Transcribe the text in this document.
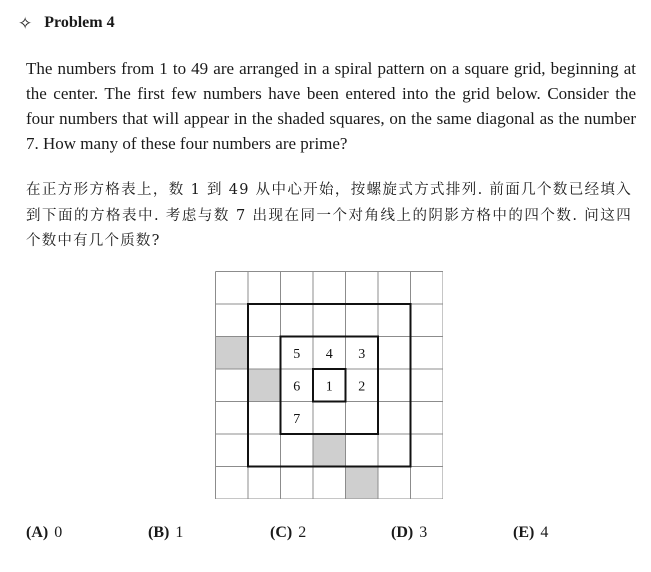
✧ Problem 4

The numbers from 1 to 49 are arranged in a spiral pattern on a square grid, beginning at the center. The first few numbers have been entered into the grid below. Consider the four numbers that will appear in the shaded squares, on the same diagonal as the number 7. How many of these four numbers are prime?

在正方形方格表上，数 1 到 49 从中心开始，按螺旋式方式排列. 前面几个数已经填入到下面的方格表中. 考虑与数 7 出现在同一个对角线上的阴影方格中的四个数. 问这四个数中有几个质数?

5 4 3
6 1 2
7
(A) 0	(B) 1	(C) 2	(D) 3	(E) 4
